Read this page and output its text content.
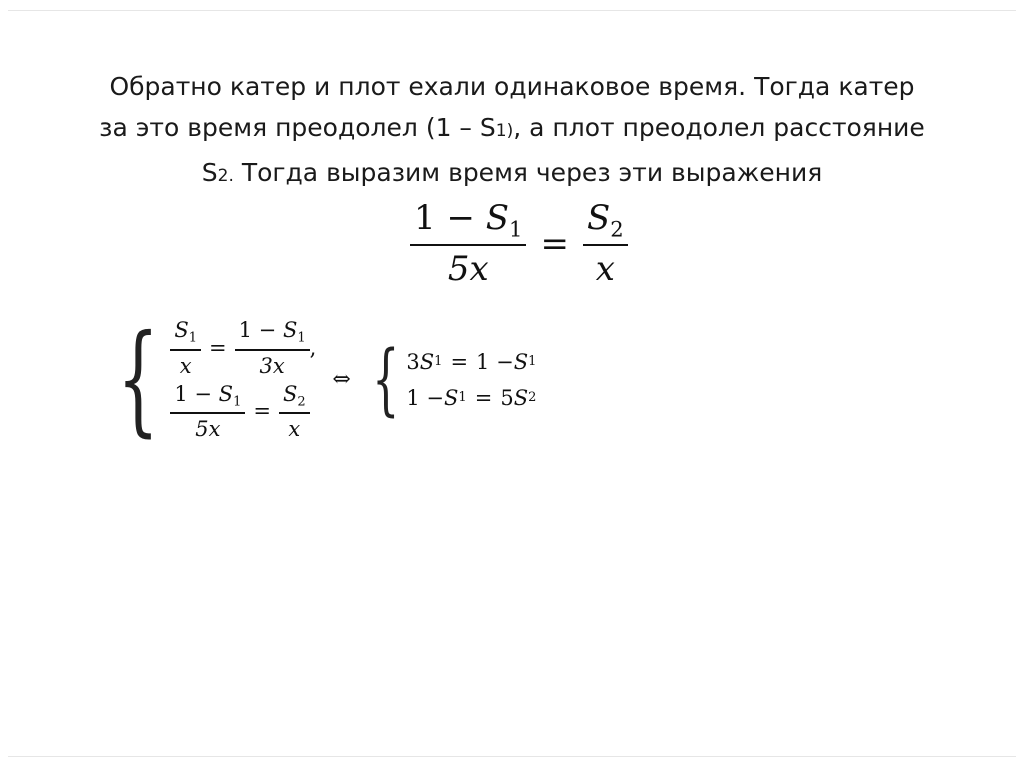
Обратно катер и плот ехали одинаковое время. Тогда катер
за это время преодолел (1 – S1), а плот преодолел расстояние
S2. Тогда выразим время через эти выражения
$\frac{1 - S_1}{5x} = \frac{S_2}{x}$
{ $\frac{S_1}{x} = \frac{1 - S_1}{3x}$ ,
$\frac{1 - S_1}{5x} = \frac{S_2}{x}$
⇔ { 3 S 1 = 1 − S 1
1 − S 1 = 5 S 2
